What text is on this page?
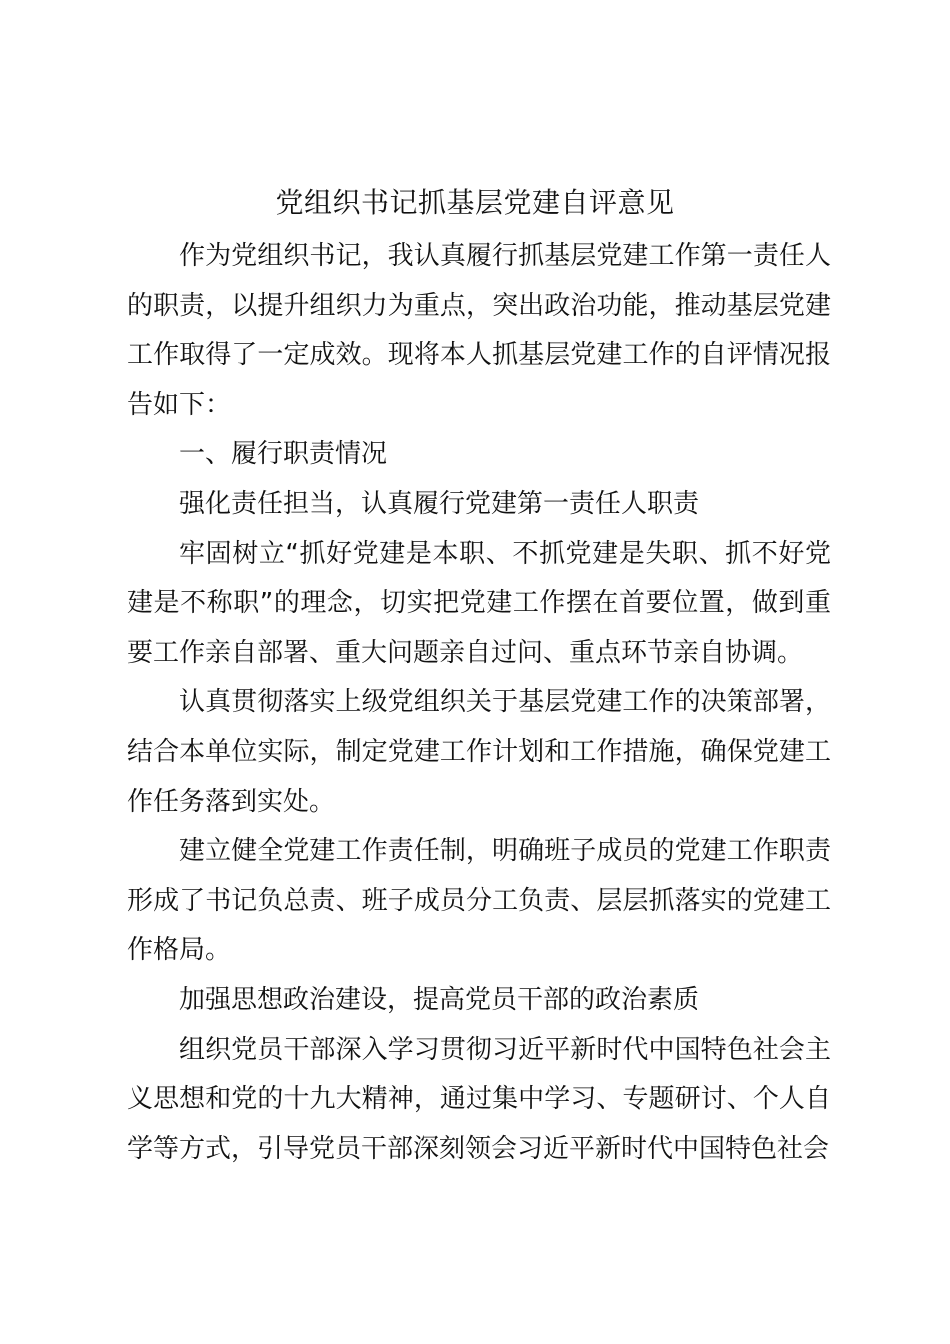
党组织书记抓基层党建自评意见

作为党组织书记，我认真履行抓基层党建工作第一责任人的职责，以提升组织力为重点，突出政治功能，推动基层党建工作取得了一定成效。现将本人抓基层党建工作的自评情况报告如下：

一、履行职责情况

强化责任担当，认真履行党建第一责任人职责

牢固树立“抓好党建是本职、不抓党建是失职、抓不好党建是不称职”的理念，切实把党建工作摆在首要位置，做到重要工作亲自部署、重大问题亲自过问、重点环节亲自协调。

认真贯彻落实上级党组织关于基层党建工作的决策部署，结合本单位实际，制定党建工作计划和工作措施，确保党建工作任务落到实处。

建立健全党建工作责任制，明确班子成员的党建工作职责形成了书记负总责、班子成员分工负责、层层抓落实的党建工作格局。

加强思想政治建设，提高党员干部的政治素质

组织党员干部深入学习贯彻习近平新时代中国特色社会主义思想和党的十九大精神，通过集中学习、专题研讨、个人自学等方式，引导党员干部深刻领会习近平新时代中国特色社会
